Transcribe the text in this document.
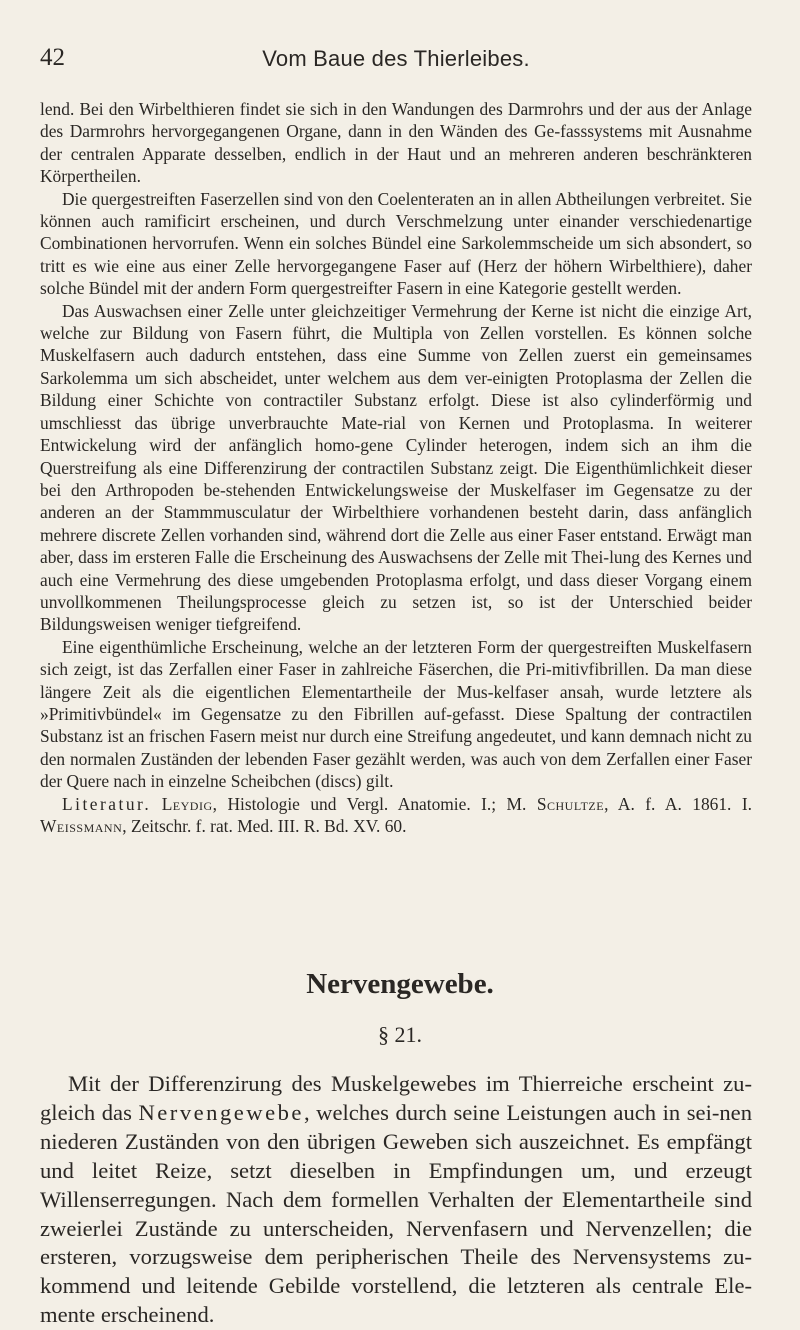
42	Vom Baue des Thierleibes.

lend. Bei den Wirbelthieren findet sie sich in den Wandungen des Darmrohrs und der aus der Anlage des Darmrohrs hervorgegangenen Organe, dann in den Wänden des Ge-fasssystems mit Ausnahme der centralen Apparate desselben, endlich in der Haut und an mehreren anderen beschränkteren Körpertheilen.

Die quergestreiften Faserzellen sind von den Coelenteraten an in allen Abtheilungen verbreitet. Sie können auch ramificirt erscheinen, und durch Verschmelzung unter einander verschiedenartige Combinationen hervorrufen. Wenn ein solches Bündel eine Sarkolemmscheide um sich absondert, so tritt es wie eine aus einer Zelle hervorgegangene Faser auf (Herz der höhern Wirbelthiere), daher solche Bündel mit der andern Form quergestreifter Fasern in eine Kategorie gestellt werden.

Das Auswachsen einer Zelle unter gleichzeitiger Vermehrung der Kerne ist nicht die einzige Art, welche zur Bildung von Fasern führt, die Multipla von Zellen vorstellen. Es können solche Muskelfasern auch dadurch entstehen, dass eine Summe von Zellen zuerst ein gemeinsames Sarkolemma um sich abscheidet, unter welchem aus dem ver-einigten Protoplasma der Zellen die Bildung einer Schichte von contractiler Substanz erfolgt. Diese ist also cylinderförmig und umschliesst das übrige unverbrauchte Mate-rial von Kernen und Protoplasma. In weiterer Entwickelung wird der anfänglich homo-gene Cylinder heterogen, indem sich an ihm die Querstreifung als eine Differenzirung der contractilen Substanz zeigt. Die Eigenthümlichkeit dieser bei den Arthropoden be-stehenden Entwickelungsweise der Muskelfaser im Gegensatze zu der anderen an der Stammmusculatur der Wirbelthiere vorhandenen besteht darin, dass anfänglich mehrere discrete Zellen vorhanden sind, während dort die Zelle aus einer Faser entstand. Erwägt man aber, dass im ersteren Falle die Erscheinung des Auswachsens der Zelle mit Thei-lung des Kernes und auch eine Vermehrung des diese umgebenden Protoplasma erfolgt, und dass dieser Vorgang einem unvollkommenen Theilungsprocesse gleich zu setzen ist, so ist der Unterschied beider Bildungsweisen weniger tiefgreifend.

Eine eigenthümliche Erscheinung, welche an der letzteren Form der quergestreiften Muskelfasern sich zeigt, ist das Zerfallen einer Faser in zahlreiche Fäserchen, die Pri-mitivfibrillen. Da man diese längere Zeit als die eigentlichen Elementartheile der Mus-kelfaser ansah, wurde letztere als »Primitivbündel« im Gegensatze zu den Fibrillen auf-gefasst. Diese Spaltung der contractilen Substanz ist an frischen Fasern meist nur durch eine Streifung angedeutet, und kann demnach nicht zu den normalen Zuständen der lebenden Faser gezählt werden, was auch von dem Zerfallen einer Faser der Quere nach in einzelne Scheibchen (discs) gilt.

Literatur. Leydig, Histologie und Vergl. Anatomie. I.; M. Schultze, A. f. A. 1861. I. Weissmann, Zeitschr. f. rat. Med. III. R. Bd. XV. 60.

Nervengewebe.
§ 21.

Mit der Differenzirung des Muskelgewebes im Thierreiche erscheint zu-gleich das Nervengewebe, welches durch seine Leistungen auch in sei-nen niederen Zuständen von den übrigen Geweben sich auszeichnet. Es empfängt und leitet Reize, setzt dieselben in Empfindungen um, und erzeugt Willenserregungen. Nach dem formellen Verhalten der Elementartheile sind zweierlei Zustände zu unterscheiden, Nervenfasern und Nervenzellen; die ersteren, vorzugsweise dem peripherischen Theile des Nervensystems zu-kommend und leitende Gebilde vorstellend, die letzteren als centrale Ele-mente erscheinend.
